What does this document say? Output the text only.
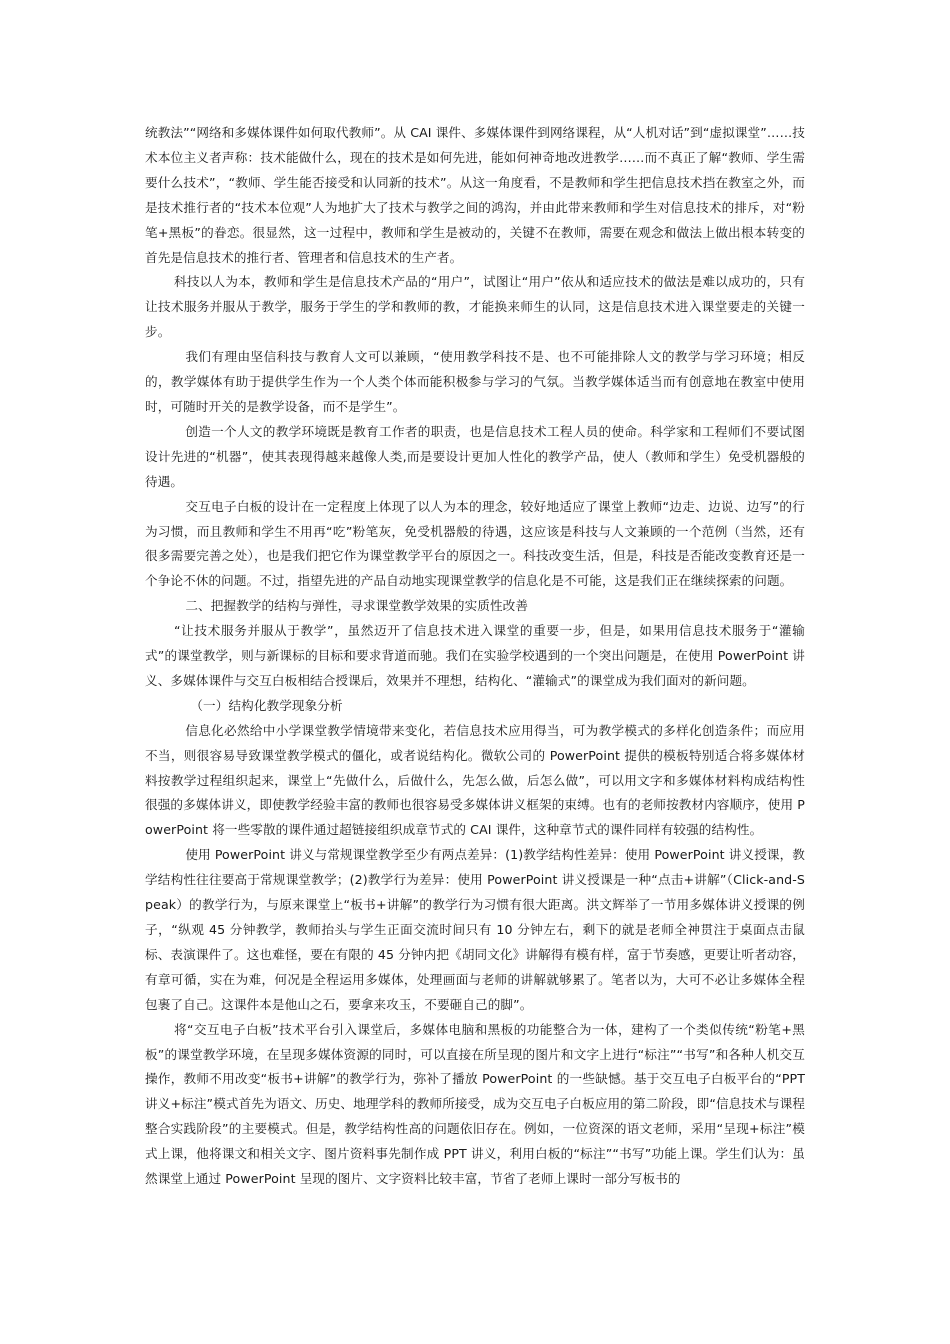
统教法”“网络和多媒体课件如何取代教师”。从 CAI 课件、多媒体课件到网络课程，从“人机对话”到“虚拟课堂”……技术本位主义者声称：技术能做什么，现在的技术是如何先进，能如何神奇地改进教学……而不真正了解“教师、学生需要什么技术”，“教师、学生能否接受和认同新的技术”。从这一角度看，不是教师和学生把信息技术挡在教室之外，而是技术推行者的“技术本位观”人为地扩大了技术与教学之间的鸿沟，并由此带来教师和学生对信息技术的排斥，对“粉笔+黑板”的眷恋。很显然，这一过程中，教师和学生是被动的，关键不在教师，需要在观念和做法上做出根本转变的首先是信息技术的推行者、管理者和信息技术的生产者。

科技以人为本，教师和学生是信息技术产品的“用户”，试图让“用户”依从和适应技术的做法是难以成功的，只有让技术服务并服从于教学，服务于学生的学和教师的教，才能换来师生的认同，这是信息技术进入课堂要走的关键一步。

我们有理由坚信科技与教育人文可以兼顾，“使用教学科技不是、也不可能排除人文的教学与学习环境；相反的，教学媒体有助于提供学生作为一个人类个体而能积极参与学习的气氛。当教学媒体适当而有创意地在教室中使用时，可随时开关的是教学设备，而不是学生”。

创造一个人文的教学环境既是教育工作者的职责，也是信息技术工程人员的使命。科学家和工程师们不要试图设计先进的“机器”，使其表现得越来越像人类,而是要设计更加人性化的教学产品，使人（教师和学生）免受机器般的待遇。

交互电子白板的设计在一定程度上体现了以人为本的理念，较好地适应了课堂上教师“边走、边说、边写”的行为习惯，而且教师和学生不用再“吃”粉笔灰，免受机器般的待遇，这应该是科技与人文兼顾的一个范例（当然，还有很多需要完善之处），也是我们把它作为课堂教学平台的原因之一。科技改变生活，但是，科技是否能改变教育还是一个争论不休的问题。不过，指望先进的产品自动地实现课堂教学的信息化是不可能，这是我们正在继续探索的问题。

二、把握教学的结构与弹性，寻求课堂教学效果的实质性改善

“让技术服务并服从于教学”，虽然迈开了信息技术进入课堂的重要一步，但是，如果用信息技术服务于“灌输式”的课堂教学，则与新课标的目标和要求背道而驰。我们在实验学校遇到的一个突出问题是，在使用 PowerPoint 讲义、多媒体课件与交互白板相结合授课后，效果并不理想，结构化、“灌输式”的课堂成为我们面对的新问题。

（一）结构化教学现象分析

信息化必然给中小学课堂教学情境带来变化，若信息技术应用得当，可为教学模式的多样化创造条件；而应用不当，则很容易导致课堂教学模式的僵化，或者说结构化。微软公司的 PowerPoint 提供的模板特别适合将多媒体材料按教学过程组织起来，课堂上“先做什么，后做什么，先怎么做，后怎么做”，可以用文字和多媒体材料构成结构性很强的多媒体讲义，即使教学经验丰富的教师也很容易受多媒体讲义框架的束缚。也有的老师按教材内容顺序，使用 PowerPoint 将一些零散的课件通过超链接组织成章节式的 CAI 课件，这种章节式的课件同样有较强的结构性。

使用 PowerPoint 讲义与常规课堂教学至少有两点差异：(1)教学结构性差异：使用 PowerPoint 讲义授课，教学结构性往往要高于常规课堂教学；(2)教学行为差异：使用 PowerPoint 讲义授课是一种“点击+讲解”（Click-and-Speak）的教学行为，与原来课堂上“板书+讲解”的教学行为习惯有很大距离。洪文辉举了一节用多媒体讲义授课的例子，“纵观 45 分钟教学，教师抬头与学生正面交流时间只有 10 分钟左右，剩下的就是老师全神贯注于桌面点击鼠标、表演课件了。这也难怪，要在有限的 45 分钟内把《胡同文化》讲解得有模有样，富于节奏感，更要让听者动容，有章可循，实在为难，何况是全程运用多媒体，处理画面与老师的讲解就够累了。笔者以为，大可不必让多媒体全程包裹了自己。这课件本是他山之石，要拿来攻玉，不要砸自己的脚”。

将“交互电子白板”技术平台引入课堂后，多媒体电脑和黑板的功能整合为一体，建构了一个类似传统“粉笔+黑板”的课堂教学环境，在呈现多媒体资源的同时，可以直接在所呈现的图片和文字上进行“标注”“书写”和各种人机交互操作，教师不用改变“板书+讲解”的教学行为，弥补了播放 PowerPoint 的一些缺憾。基于交互电子白板平台的“PPT 讲义+标注”模式首先为语文、历史、地理学科的教师所接受，成为交互电子白板应用的第二阶段，即“信息技术与课程整合实践阶段”的主要模式。但是，教学结构性高的问题依旧存在。例如，一位资深的语文老师，采用“呈现+标注”模式上课，他将课文和相关文字、图片资料事先制作成 PPT 讲义，利用白板的“标注”“书写”功能上课。学生们认为：虽然课堂上通过 PowerPoint 呈现的图片、文字资料比较丰富，节省了老师上课时一部分写板书的
